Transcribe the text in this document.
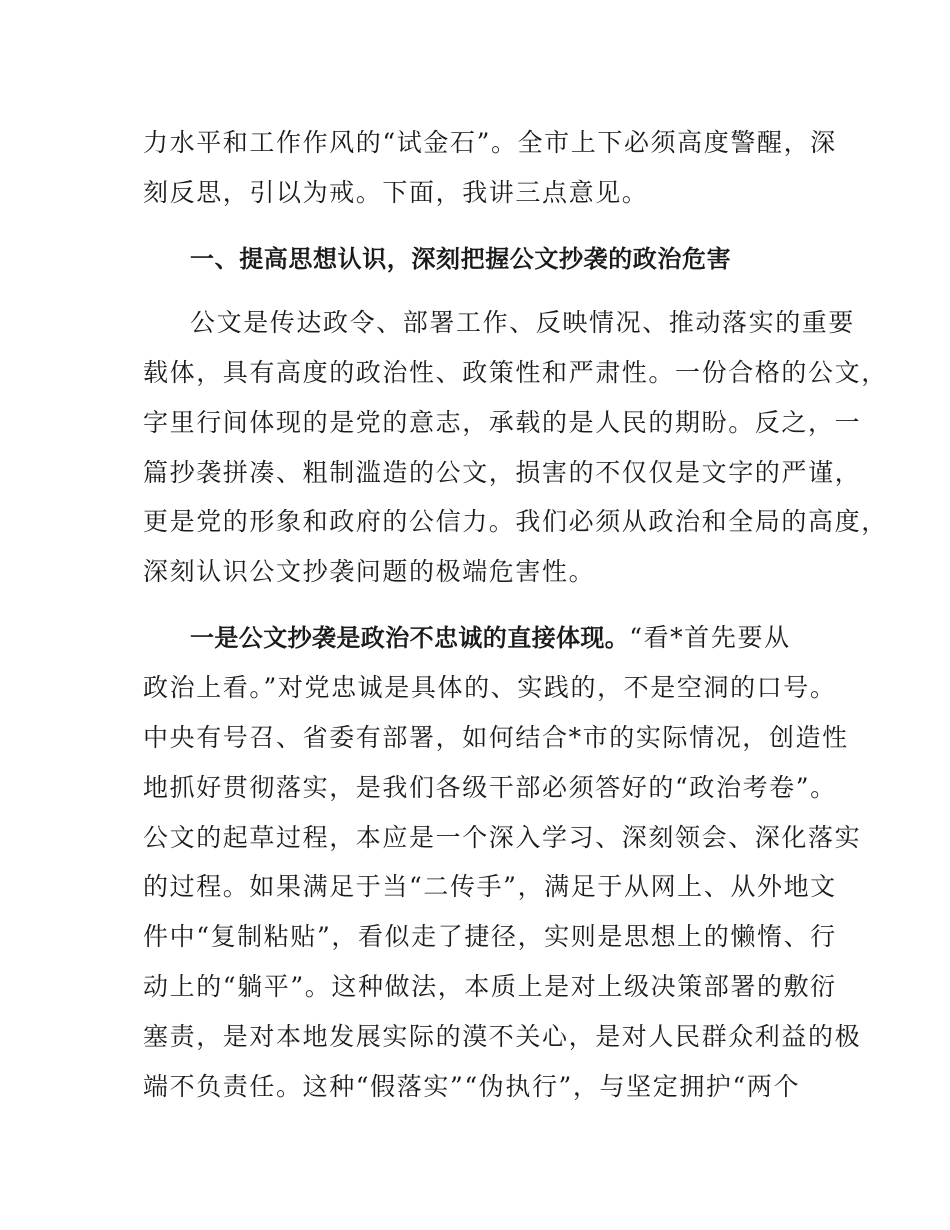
力水平和工作作风的“试金石”。全市上下必须高度警醒，深
刻反思，引以为戒。下面，我讲三点意见。
一、提高思想认识，深刻把握公文抄袭的政治危害
公文是传达政令、部署工作、反映情况、推动落实的重要
载体，具有高度的政治性、政策性和严肃性。一份合格的公文，
字里行间体现的是党的意志，承载的是人民的期盼。反之，一
篇抄袭拼凑、粗制滥造的公文，损害的不仅仅是文字的严谨，
更是党的形象和政府的公信力。我们必须从政治和全局的高度，
深刻认识公文抄袭问题的极端危害性。
一是公文抄袭是政治不忠诚的直接体现。“看*首先要从
政治上看。”对党忠诚是具体的、实践的，不是空洞的口号。
中央有号召、省委有部署，如何结合*市的实际情况，创造性
地抓好贯彻落实，是我们各级干部必须答好的“政治考卷”。
公文的起草过程，本应是一个深入学习、深刻领会、深化落实
的过程。如果满足于当“二传手”，满足于从网上、从外地文
件中“复制粘贴”，看似走了捷径，实则是思想上的懒惰、行
动上的“躺平”。这种做法，本质上是对上级决策部署的敷衍
塞责，是对本地发展实际的漠不关心，是对人民群众利益的极
端不负责任。这种“假落实”“伪执行”，与坚定拥护“两个
